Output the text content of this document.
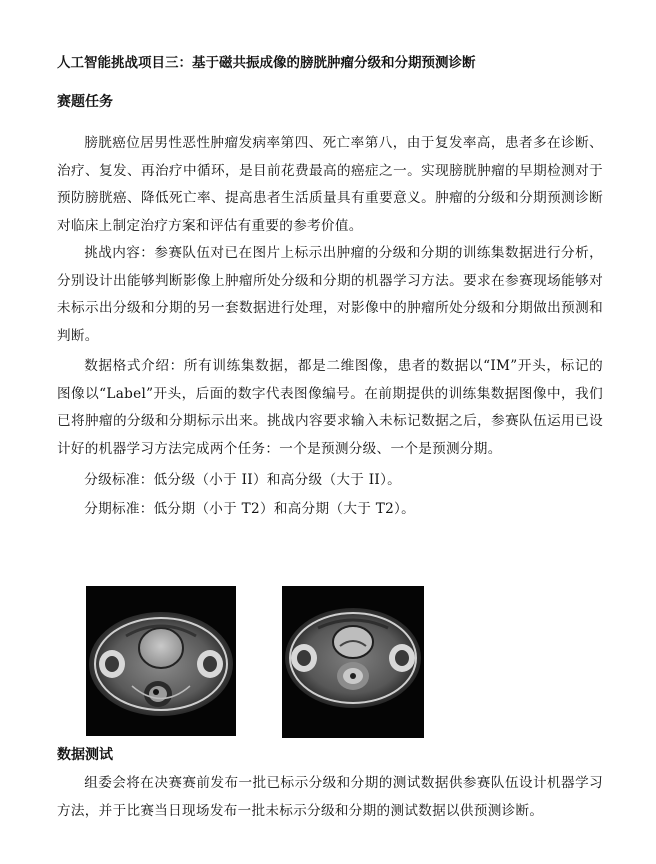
人工智能挑战项目三：基于磁共振成像的膀胱肿瘤分级和分期预测诊断
赛题任务
膀胱癌位居男性恶性肿瘤发病率第四、死亡率第八，由于复发率高，患者多在诊断、治疗、复发、再治疗中循环，是目前花费最高的癌症之一。实现膀胱肿瘤的早期检测对于预防膀胱癌、降低死亡率、提高患者生活质量具有重要意义。肿瘤的分级和分期预测诊断对临床上制定治疗方案和评估有重要的参考价值。
挑战内容：参赛队伍对已在图片上标示出肿瘤的分级和分期的训练集数据进行分析，分别设计出能够判断影像上肿瘤所处分级和分期的机器学习方法。要求在参赛现场能够对未标示出分级和分期的另一套数据进行处理，对影像中的肿瘤所处分级和分期做出预测和判断。
数据格式介绍：所有训练集数据，都是二维图像，患者的数据以“IM”开头，标记的图像以“Label”开头，后面的数字代表图像编号。在前期提供的训练集数据图像中，我们已将肿瘤的分级和分期标示出来。挑战内容要求输入未标记数据之后，参赛队伍运用已设计好的机器学习方法完成两个任务：一个是预测分级、一个是预测分期。
分级标准：低分级（小于 II）和高分级（大于 II）。
分期标准：低分期（小于 T2）和高分期（大于 T2）。
数据测试
组委会将在决赛赛前发布一批已标示分级和分期的测试数据供参赛队伍设计机器学习方法，并于比赛当日现场发布一批未标示分级和分期的测试数据以供预测诊断。
